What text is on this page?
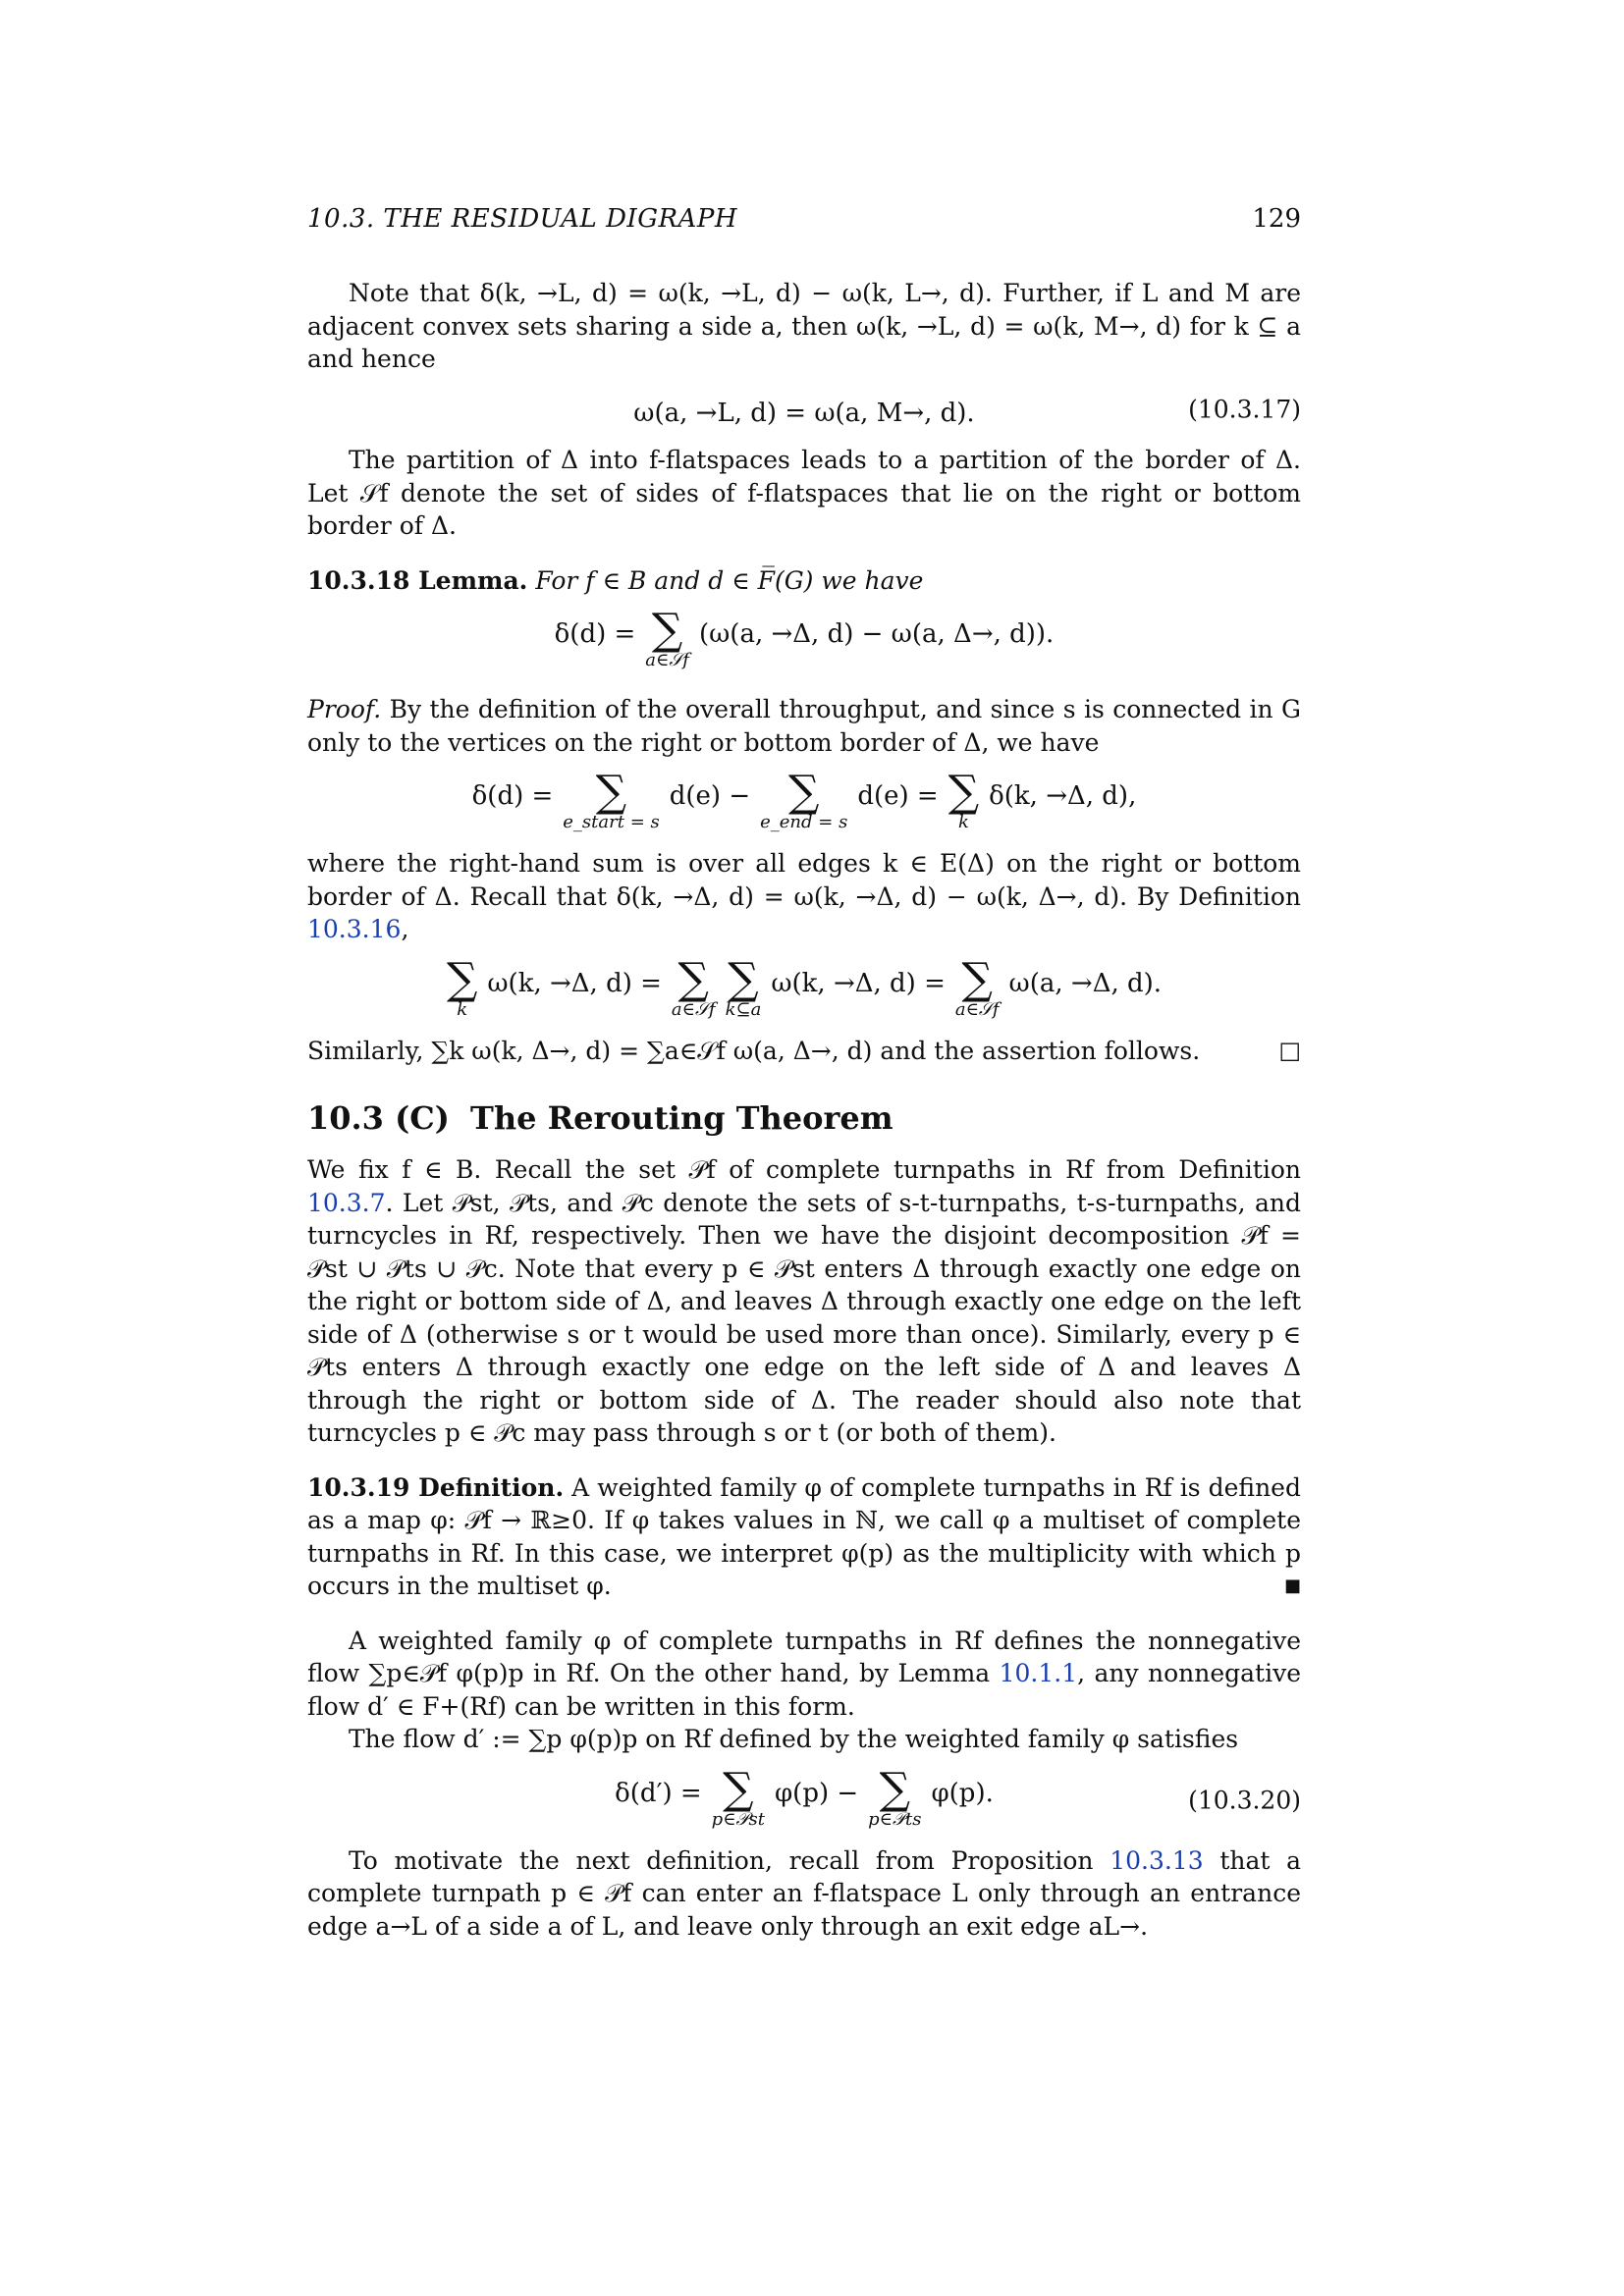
10.3. THE RESIDUAL DIGRAPH	129

Note that δ(k, →L, d) = ω(k, →L, d) − ω(k, L→, d). Further, if L and M are adjacent convex sets sharing a side a, then ω(k, →L, d) = ω(k, M→, d) for k ⊆ a and hence

ω(a, →L, d) = ω(a, M→, d).	(10.3.17)

The partition of Δ into f-flatspaces leads to a partition of the border of Δ. Let 𝒮f denote the set of sides of f-flatspaces that lie on the right or bottom border of Δ.

10.3.18 Lemma. For f ∈ B and d ∈ F̅(G) we have

δ(d) = ∑
a∈𝒮f
(ω(a, →Δ, d) − ω(a, Δ→, d)).

Proof. By the definition of the overall throughput, and since s is connected in G only to the vertices on the right or bottom border of Δ, we have

δ(d) = ∑
e_start = s
d(e) − ∑
e_end = s
d(e) = ∑
k
δ(k, →Δ, d),

where the right-hand sum is over all edges k ∈ E(Δ) on the right or bottom border of Δ. Recall that δ(k, →Δ, d) = ω(k, →Δ, d) − ω(k, Δ→, d). By Definition 10.3.16,

∑
k
ω(k, →Δ, d) = ∑
a∈𝒮f
∑
k⊆a
ω(k, →Δ, d) = ∑
a∈𝒮f
ω(a, →Δ, d).

Similarly, ∑k ω(k, Δ→, d) = ∑a∈𝒮f ω(a, Δ→, d) and the assertion follows.	□

10.3 (C) The Rerouting Theorem

We fix f ∈ B. Recall the set 𝒫f of complete turnpaths in Rf from Definition 10.3.7. Let 𝒫st, 𝒫ts, and 𝒫c denote the sets of s-t-turnpaths, t-s-turnpaths, and turncycles in Rf, respectively. Then we have the disjoint decomposition 𝒫f = 𝒫st ∪ 𝒫ts ∪ 𝒫c. Note that every p ∈ 𝒫st enters Δ through exactly one edge on the right or bottom side of Δ, and leaves Δ through exactly one edge on the left side of Δ (otherwise s or t would be used more than once). Similarly, every p ∈ 𝒫ts enters Δ through exactly one edge on the left side of Δ and leaves Δ through the right or bottom side of Δ. The reader should also note that turncycles p ∈ 𝒫c may pass through s or t (or both of them).

10.3.19 Definition. A weighted family φ of complete turnpaths in Rf is defined as a map φ: 𝒫f → ℝ≥0. If φ takes values in ℕ, we call φ a multiset of complete turnpaths in Rf. In this case, we interpret φ(p) as the multiplicity with which p occurs in the multiset φ.	■

A weighted family φ of complete turnpaths in Rf defines the nonnegative flow ∑p∈𝒫f φ(p)p in Rf. On the other hand, by Lemma 10.1.1, any nonnegative flow d′ ∈ F+(Rf) can be written in this form.

The flow d′ := ∑p φ(p)p on Rf defined by the weighted family φ satisfies

δ(d′) = ∑
p∈𝒫st
φ(p) − ∑
p∈𝒫ts
φ(p).	(10.3.20)

To motivate the next definition, recall from Proposition 10.3.13 that a complete turnpath p ∈ 𝒫f can enter an f-flatspace L only through an entrance edge a→L of a side a of L, and leave only through an exit edge aL→.
